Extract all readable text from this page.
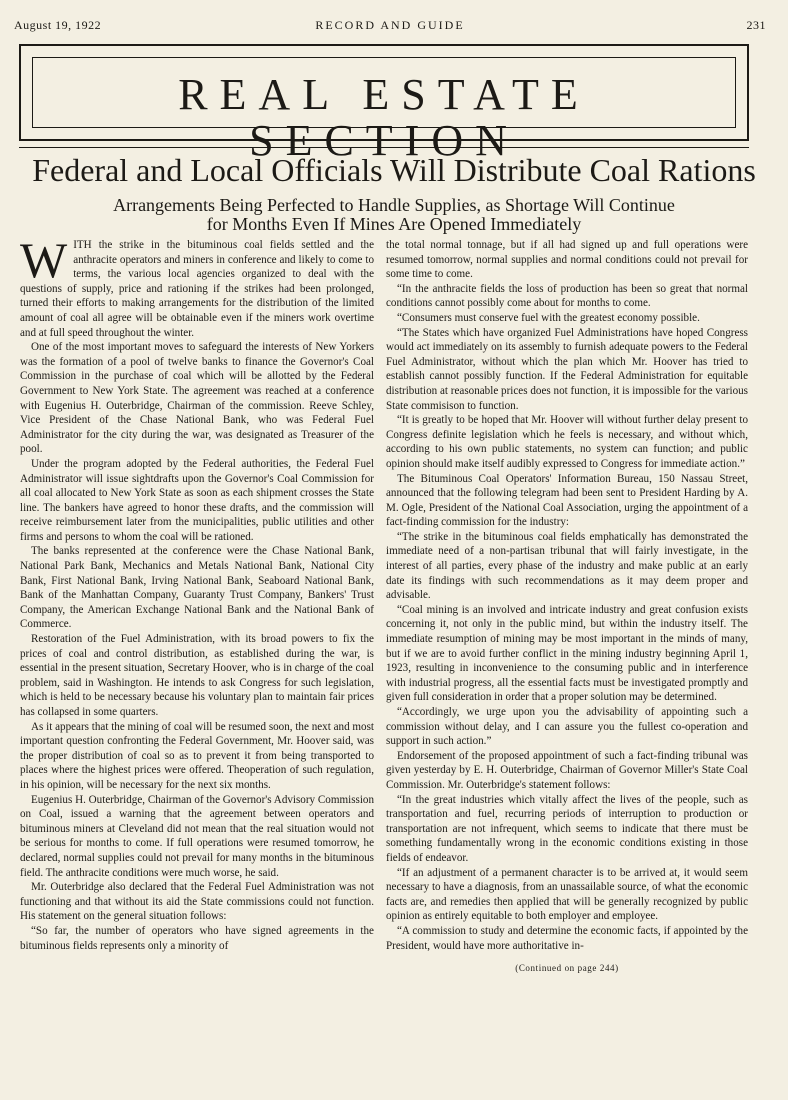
August 19, 1922	RECORD AND GUIDE	231
REAL ESTATE SECTION
Federal and Local Officials Will Distribute Coal Rations
Arrangements Being Perfected to Handle Supplies, as Shortage Will Continue
for Months Even If Mines Are Opened Immediately
W ITH the strike in the bituminous coal fields settled and the anthracite operators and miners in conference and likely to come to terms, the various local agencies organized to deal with the questions of supply, price and rationing if the strikes had been prolonged, turned their efforts to making arrangements for the distribution of the limited amount of coal all agree will be obtainable even if the miners work overtime and at full speed throughout the winter.

One of the most important moves to safeguard the interests of New Yorkers was the formation of a pool of twelve banks to finance the Governor's Coal Commission in the purchase of coal which will be allotted by the Federal Government to New York State. The agreement was reached at a conference with Eugenius H. Outerbridge, Chairman of the commission. Reeve Schley, Vice President of the Chase National Bank, who was Federal Fuel Administrator for the city during the war, was designated as Treasurer of the pool.

Under the program adopted by the Federal authorities, the Federal Fuel Administrator will issue sightdrafts upon the Governor's Coal Commission for all coal allocated to New York State as soon as each shipment crosses the State line. The bankers have agreed to honor these drafts, and the commission will receive reimbursement later from the municipalities, public utilities and other firms and persons to whom the coal will be rationed.

The banks represented at the conference were the Chase National Bank, National Park Bank, Mechanics and Metals National Bank, National City Bank, First National Bank, Irving National Bank, Seaboard National Bank, Bank of the Manhattan Company, Guaranty Trust Company, Bankers' Trust Company, the American Exchange National Bank and the National Bank of Commerce.

Restoration of the Fuel Administration, with its broad powers to fix the prices of coal and control distribution, as established during the war, is essential in the present situation, Secretary Hoover, who is in charge of the coal problem, said in Washington. He intends to ask Congress for such legislation, which is held to be necessary because his voluntary plan to maintain fair prices has collapsed in some quarters.

As it appears that the mining of coal will be resumed soon, the next and most important question confronting the Federal Government, Mr. Hoover said, was the proper distribution of coal so as to prevent it from being transported to places where the highest prices were offered. Theoperation of such regulation, in his opinion, will be necessary for the next six months.

Eugenius H. Outerbridge, Chairman of the Governor's Advisory Commission on Coal, issued a warning that the agreement between operators and bituminous miners at Cleveland did not mean that the real situation would not be serious for months to come. If full operations were resumed tomorrow, he declared, normal supplies could not prevail for many months in the bituminous field. The anthracite conditions were much worse, he said.

Mr. Outerbridge also declared that the Federal Fuel Administration was not functioning and that without its aid the State commissions could not function. His statement on the general situation follows:

“So far, the number of operators who have signed agreements in the bituminous fields represents only a minority of

the total normal tonnage, but if all had signed up and full operations were resumed tomorrow, normal supplies and normal conditions could not prevail for some time to come.

“In the anthracite fields the loss of production has been so great that normal conditions cannot possibly come about for months to come.

“Consumers must conserve fuel with the greatest economy possible.

“The States which have organized Fuel Administrations have hoped Congress would act immediately on its assembly to furnish adequate powers to the Federal Fuel Administrator, without which the plan which Mr. Hoover has tried to establish cannot possibly function. If the Federal Administration for equitable distribution at reasonable prices does not function, it is impossible for the various State commisison to function.

“It is greatly to be hoped that Mr. Hoover will without further delay present to Congress definite legislation which he feels is necessary, and without which, according to his own public statements, no system can function; and public opinion should make itself audibly expressed to Congress for immediate action.”

The Bituminous Coal Operators' Information Bureau, 150 Nassau Street, announced that the following telegram had been sent to President Harding by A. M. Ogle, President of the National Coal Association, urging the appointment of a fact-finding commission for the industry:

“The strike in the bituminous coal fields emphatically has demonstrated the immediate need of a non-partisan tribunal that will fairly investigate, in the interest of all parties, every phase of the industry and make public at an early date its findings with such recommendations as it may deem proper and advisable.

“Coal mining is an involved and intricate industry and great confusion exists concerning it, not only in the public mind, but within the industry itself. The immediate resumption of mining may be most important in the minds of many, but if we are to avoid further conflict in the mining industry beginning April 1, 1923, resulting in inconvenience to the consuming public and in interference with industrial progress, all the essential facts must be investigated promptly and given full consideration in order that a proper solution may be determined.

“Accordingly, we urge upon you the advisability of appointing such a commission without delay, and I can assure you the fullest co-operation and support in such action.”

Endorsement of the proposed appointment of such a fact-finding tribunal was given yesterday by E. H. Outerbridge, Chairman of Governor Miller's State Coal Commission. Mr. Outerbridge's statement follows:

“In the great industries which vitally affect the lives of the people, such as transportation and fuel, recurring periods of interruption to production or transportation are not infrequent, which seems to indicate that there must be something fundamentally wrong in the economic conditions existing in those fields of endeavor.

“If an adjustment of a permanent character is to be arrived at, it would seem necessary to have a diagnosis, from an unassailable source, of what the economic facts are, and remedies then applied that will be generally recognized by public opinion as entirely equitable to both employer and employee.

“A commission to study and determine the economic facts, if appointed by the President, would have more authoritative in-

(Continued on page 244)
